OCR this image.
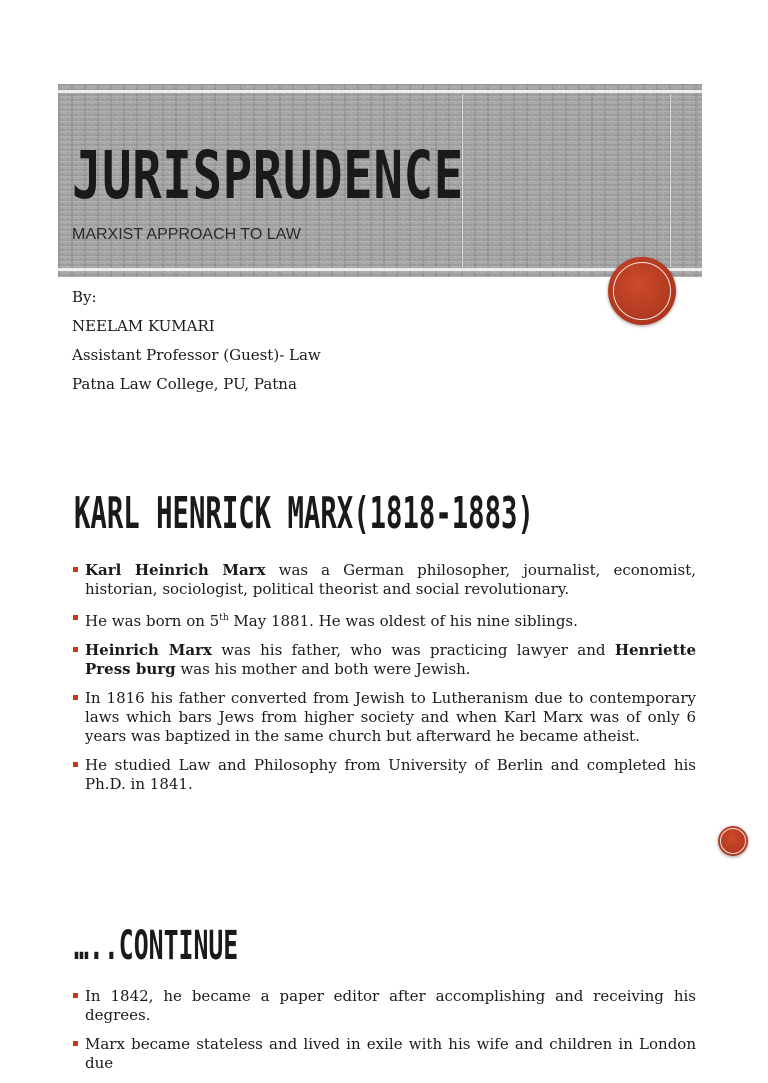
JURISPRUDENCE
MARXIST APPROACH TO LAW
By:
NEELAM KUMARI
Assistant Professor (Guest)- Law
Patna Law College, PU, Patna
KARL HENRICK MARX(1818-1883)
Karl Heinrich Marx was a German philosopher, journalist, economist, historian, sociologist, political theorist and social revolutionary.
He was born on 5th May 1881. He was oldest of his nine siblings.
Heinrich Marx was his father, who was practicing lawyer and Henriette Press burg was his mother and both were Jewish.
In 1816 his father converted from Jewish to Lutheranism due to contemporary laws which bars Jews from higher society and when Karl Marx was of only 6 years was baptized in the same church but afterward he became atheist.
He studied Law and Philosophy from University of Berlin and completed his Ph.D. in 1841.
…..CONTINUE
In 1842, he became a paper editor after accomplishing and receiving his degrees.
Marx became stateless and lived in exile with his wife and children in London due
